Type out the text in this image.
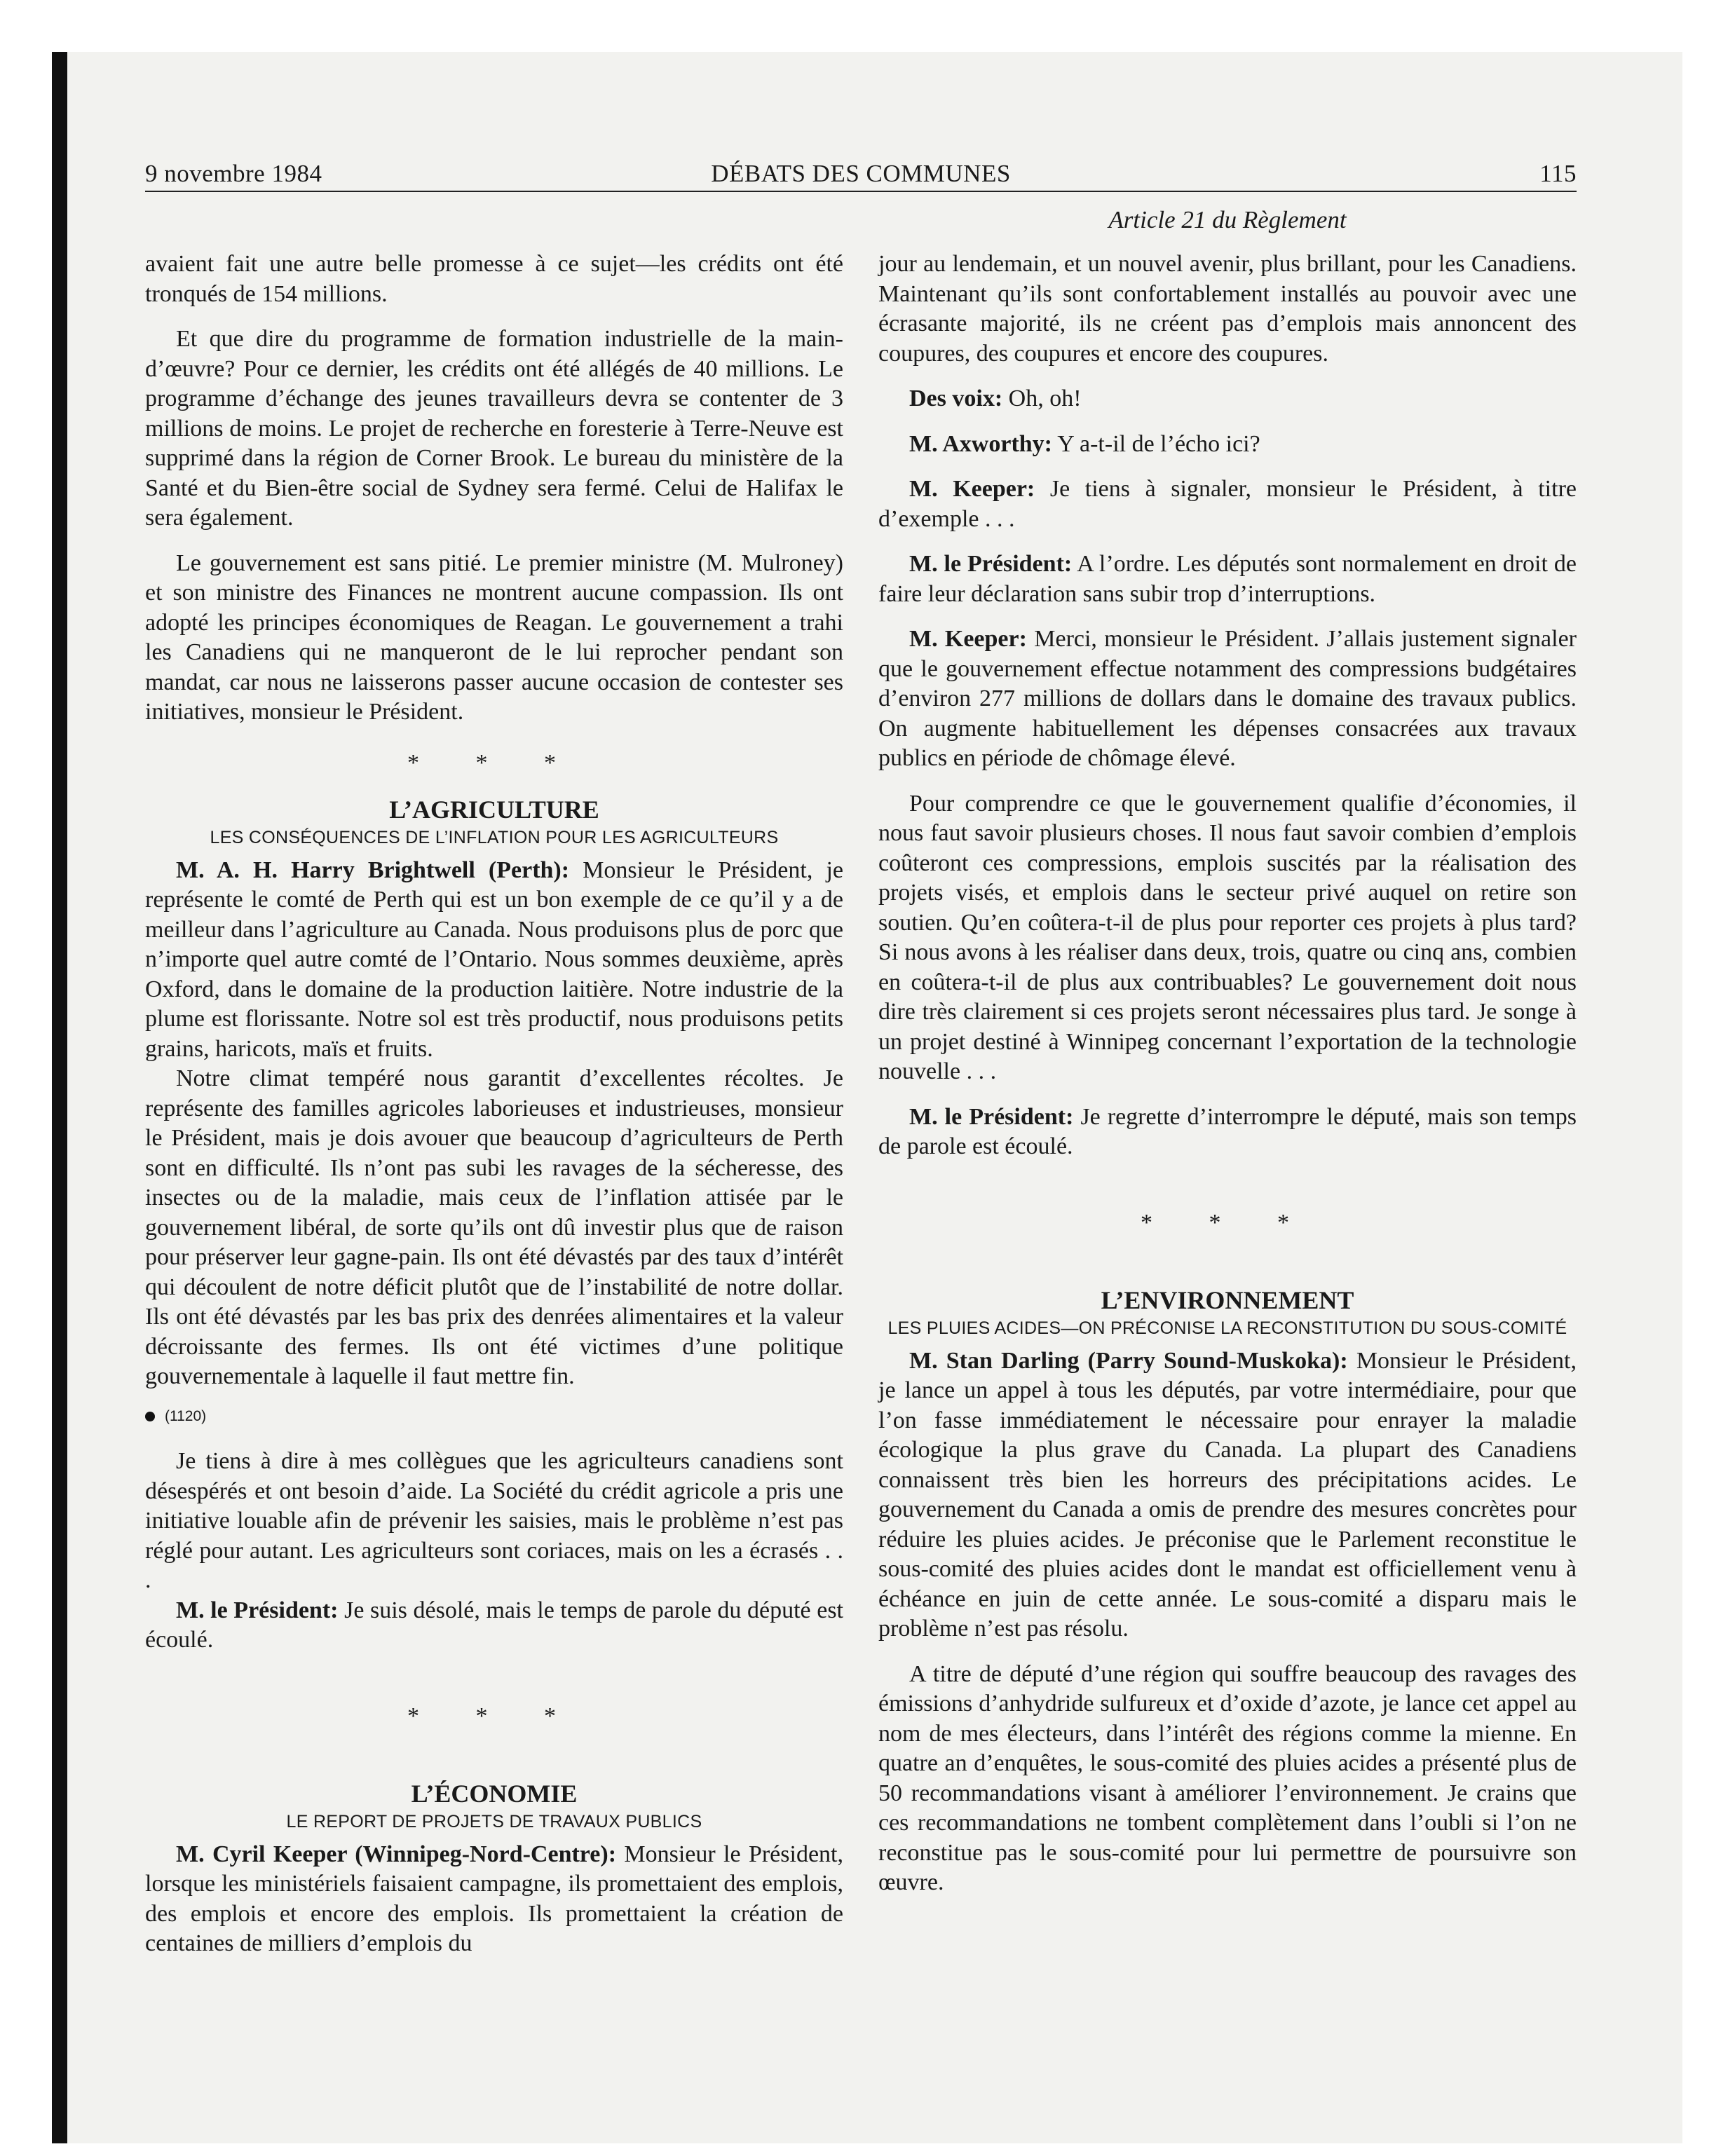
9 novembre 1984	DÉBATS DES COMMUNES	115
Article 21 du Règlement

avaient fait une autre belle promesse à ce sujet—les crédits ont été tronqués de 154 millions.

Et que dire du programme de formation industrielle de la main-d’œuvre? Pour ce dernier, les crédits ont été allégés de 40 millions. Le programme d’échange des jeunes travailleurs devra se contenter de 3 millions de moins. Le projet de recherche en foresterie à Terre-Neuve est supprimé dans la région de Corner Brook. Le bureau du ministère de la Santé et du Bien-être social de Sydney sera fermé. Celui de Halifax le sera également.

Le gouvernement est sans pitié. Le premier ministre (M. Mulroney) et son ministre des Finances ne montrent aucune compassion. Ils ont adopté les principes économiques de Reagan. Le gouvernement a trahi les Canadiens qui ne manqueront de le lui reprocher pendant son mandat, car nous ne laisserons passer aucune occasion de contester ses initiatives, monsieur le Président.

* * *
L’AGRICULTURE
LES CONSÉQUENCES DE L’INFLATION POUR LES AGRICULTEURS

M. A. H. Harry Brightwell (Perth): Monsieur le Président, je représente le comté de Perth qui est un bon exemple de ce qu’il y a de meilleur dans l’agriculture au Canada. Nous produisons plus de porc que n’importe quel autre comté de l’Ontario. Nous sommes deuxième, après Oxford, dans le domaine de la production laitière. Notre industrie de la plume est florissante. Notre sol est très productif, nous produisons petits grains, haricots, maïs et fruits.

Notre climat tempéré nous garantit d’excellentes récoltes. Je représente des familles agricoles laborieuses et industrieuses, monsieur le Président, mais je dois avouer que beaucoup d’agriculteurs de Perth sont en difficulté. Ils n’ont pas subi les ravages de la sécheresse, des insectes ou de la maladie, mais ceux de l’inflation attisée par le gouvernement libéral, de sorte qu’ils ont dû investir plus que de raison pour préserver leur gagne-pain. Ils ont été dévastés par des taux d’intérêt qui découlent de notre déficit plutôt que de l’instabilité de notre dollar. Ils ont été dévastés par les bas prix des denrées alimentaires et la valeur décroissante des fermes. Ils ont été victimes d’une politique gouvernementale à laquelle il faut mettre fin.

(1120)

Je tiens à dire à mes collègues que les agriculteurs canadiens sont désespérés et ont besoin d’aide. La Société du crédit agricole a pris une initiative louable afin de prévenir les saisies, mais le problème n’est pas réglé pour autant. Les agriculteurs sont coriaces, mais on les a écrasés . . .

M. le Président: Je suis désolé, mais le temps de parole du député est écoulé.

* * *
L’ÉCONOMIE
LE REPORT DE PROJETS DE TRAVAUX PUBLICS

M. Cyril Keeper (Winnipeg-Nord-Centre): Monsieur le Président, lorsque les ministériels faisaient campagne, ils promettaient des emplois, des emplois et encore des emplois. Ils promettaient la création de centaines de milliers d’emplois du

jour au lendemain, et un nouvel avenir, plus brillant, pour les Canadiens. Maintenant qu’ils sont confortablement installés au pouvoir avec une écrasante majorité, ils ne créent pas d’emplois mais annoncent des coupures, des coupures et encore des coupures.

Des voix: Oh, oh!

M. Axworthy: Y a-t-il de l’écho ici?

M. Keeper: Je tiens à signaler, monsieur le Président, à titre d’exemple . . .

M. le Président: A l’ordre. Les députés sont normalement en droit de faire leur déclaration sans subir trop d’interruptions.

M. Keeper: Merci, monsieur le Président. J’allais justement signaler que le gouvernement effectue notamment des compressions budgétaires d’environ 277 millions de dollars dans le domaine des travaux publics. On augmente habituellement les dépenses consacrées aux travaux publics en période de chômage élevé.

Pour comprendre ce que le gouvernement qualifie d’économies, il nous faut savoir plusieurs choses. Il nous faut savoir combien d’emplois coûteront ces compressions, emplois suscités par la réalisation des projets visés, et emplois dans le secteur privé auquel on retire son soutien. Qu’en coûtera-t-il de plus pour reporter ces projets à plus tard? Si nous avons à les réaliser dans deux, trois, quatre ou cinq ans, combien en coûtera-t-il de plus aux contribuables? Le gouvernement doit nous dire très clairement si ces projets seront nécessaires plus tard. Je songe à un projet destiné à Winnipeg concernant l’exportation de la technologie nouvelle . . .

M. le Président: Je regrette d’interrompre le député, mais son temps de parole est écoulé.

* * *
L’ENVIRONNEMENT
LES PLUIES ACIDES—ON PRÉCONISE LA RECONSTITUTION DU SOUS-COMITÉ

M. Stan Darling (Parry Sound-Muskoka): Monsieur le Président, je lance un appel à tous les députés, par votre intermédiaire, pour que l’on fasse immédiatement le nécessaire pour enrayer la maladie écologique la plus grave du Canada. La plupart des Canadiens connaissent très bien les horreurs des précipitations acides. Le gouvernement du Canada a omis de prendre des mesures concrètes pour réduire les pluies acides. Je préconise que le Parlement reconstitue le sous-comité des pluies acides dont le mandat est officiellement venu à échéance en juin de cette année. Le sous-comité a disparu mais le problème n’est pas résolu.

A titre de député d’une région qui souffre beaucoup des ravages des émissions d’anhydride sulfureux et d’oxide d’azote, je lance cet appel au nom de mes électeurs, dans l’intérêt des régions comme la mienne. En quatre an d’enquêtes, le sous-comité des pluies acides a présenté plus de 50 recommandations visant à améliorer l’environnement. Je crains que ces recommandations ne tombent complètement dans l’oubli si l’on ne reconstitue pas le sous-comité pour lui permettre de poursuivre son œuvre.
